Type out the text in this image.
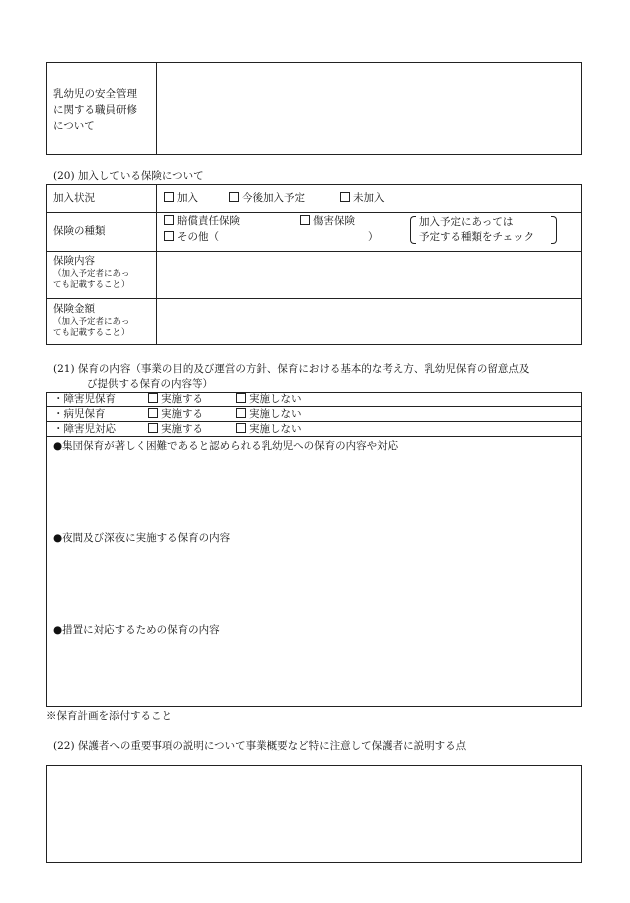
乳幼児の安全管理
に関する職員研修
について
(20) 加入している保険について
加入状況	加入	今後加入予定	未加入
保険の種類
賠償責任保険	傷害保険
その他（	）
加入予定にあっては
予定する種類をチェック
保険内容
（加入予定者にあっ
ても記載すること）
保険金額
（加入予定者にあっ
ても記載すること）
(21) 保育の内容（事業の目的及び運営の方針、保育における基本的な考え方、乳幼児保育の留意点及
び提供する保育の内容等）
・障害児保育	実施する	実施しない
・病児保育	実施する	実施しない
・障害児対応	実施する	実施しない
●集団保育が著しく困難であると認められる乳幼児への保育の内容や対応
●夜間及び深夜に実施する保育の内容
●措置に対応するための保育の内容
※保育計画を添付すること
(22) 保護者への重要事項の説明について事業概要など特に注意して保護者に説明する点
